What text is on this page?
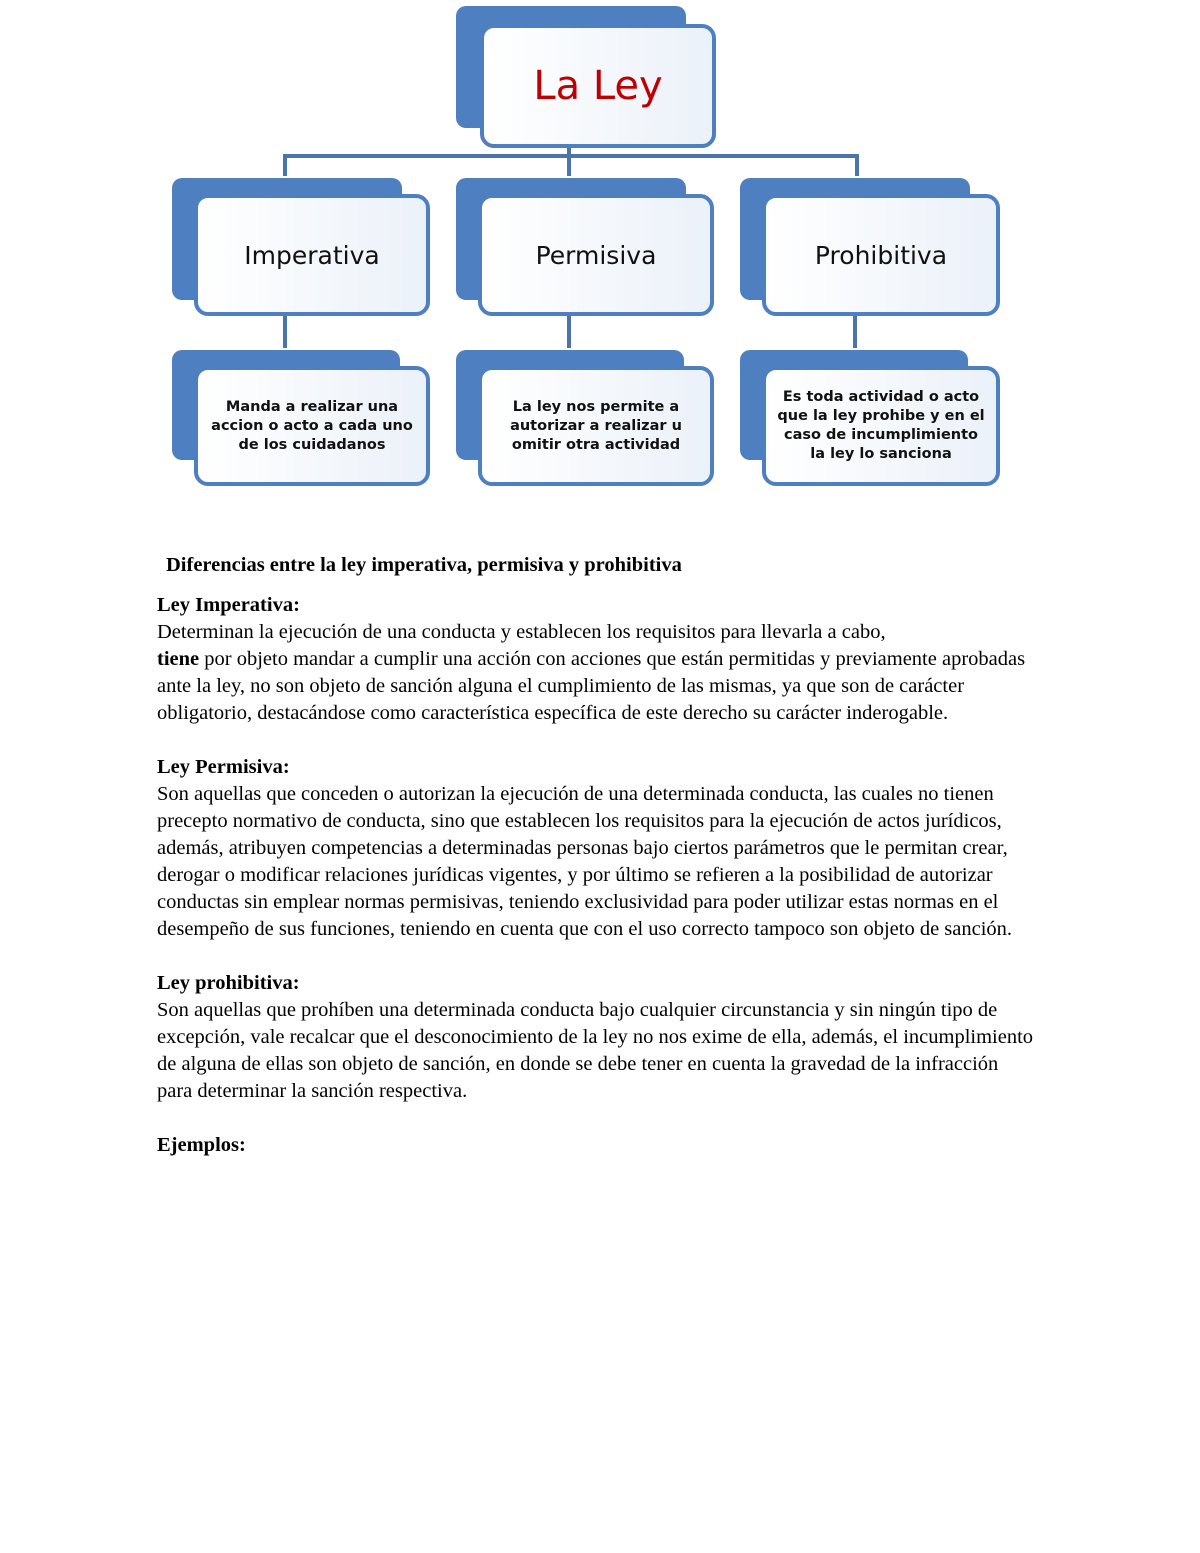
La Ley
Imperativa	Permisiva	Prohibitiva
Manda a realizar una accion o acto a cada uno de los cuidadanos
La ley nos permite a autorizar a realizar u omitir otra actividad
Es toda actividad o acto que la ley prohibe y en el caso de incumplimiento la ley lo sanciona

Diferencias entre la ley imperativa, permisiva y prohibitiva

Ley Imperativa:

Determinan la ejecución de una conducta y establecen los requisitos para llevarla a cabo,
tiene por objeto mandar a cumplir una acción con acciones que están permitidas y previamente aprobadas ante la ley, no son objeto de sanción alguna el cumplimiento de las mismas, ya que son de carácter obligatorio, destacándose como característica específica de este derecho su carácter inderogable.

Ley Permisiva:

Son aquellas que conceden o autorizan la ejecución de una determinada conducta, las cuales no tienen precepto normativo de conducta, sino que establecen los requisitos para la ejecución de actos jurídicos, además, atribuyen competencias a determinadas personas bajo ciertos parámetros que le permitan crear, derogar o modificar relaciones jurídicas vigentes, y por último se refieren a la posibilidad de autorizar conductas sin emplear normas permisivas, teniendo exclusividad para poder utilizar estas normas en el desempeño de sus funciones, teniendo en cuenta que con el uso correcto tampoco son objeto de sanción.

Ley prohibitiva:

Son aquellas que prohíben una determinada conducta bajo cualquier circunstancia y sin ningún tipo de excepción, vale recalcar que el desconocimiento de la ley no nos exime de ella, además, el incumplimiento de alguna de ellas son objeto de sanción, en donde se debe tener en cuenta la gravedad de la infracción para determinar la sanción respectiva.

Ejemplos:
